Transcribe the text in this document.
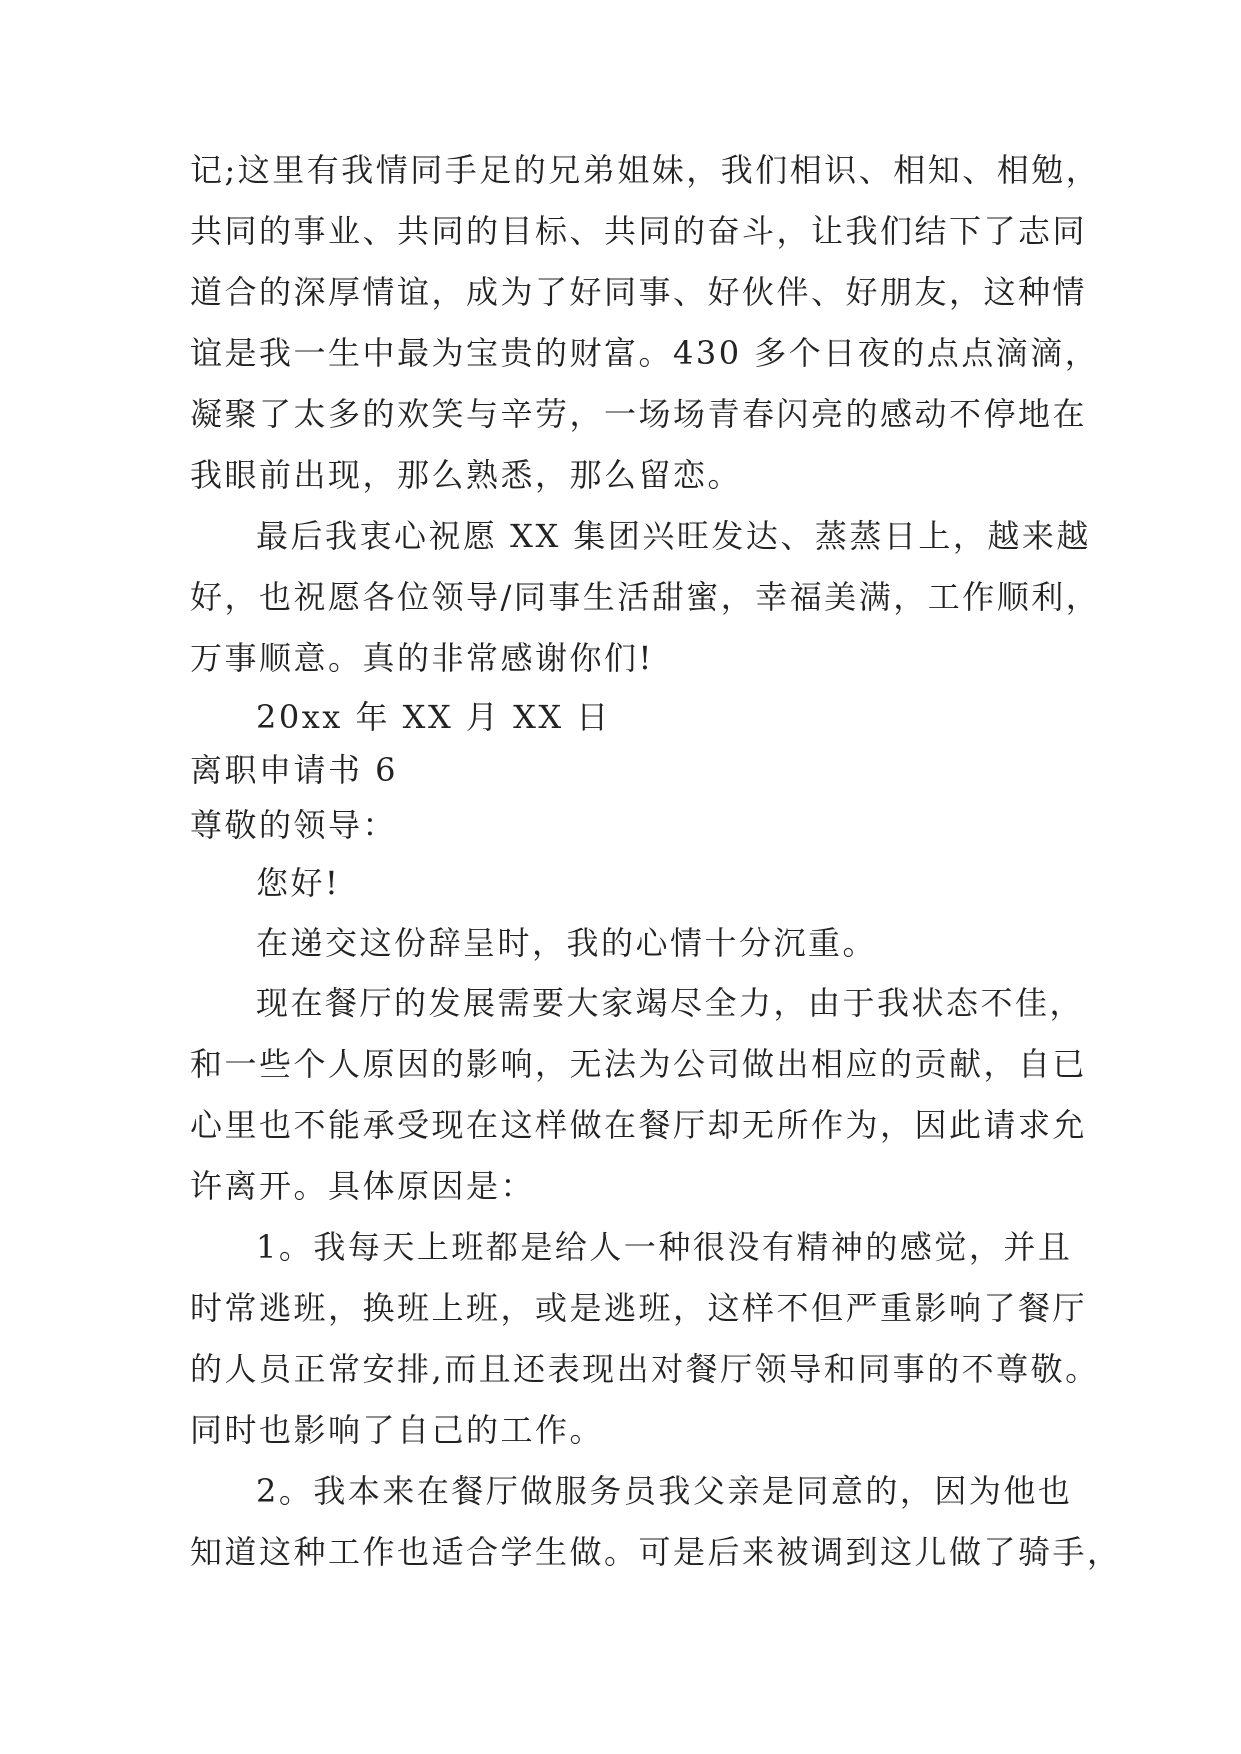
记;这里有我情同手足的兄弟姐妹，我们相识、相知、相勉，
共同的事业、共同的目标、共同的奋斗，让我们结下了志同
道合的深厚情谊，成为了好同事、好伙伴、好朋友，这种情
谊是我一生中最为宝贵的财富。430 多个日夜的点点滴滴，
凝聚了太多的欢笑与辛劳，一场场青春闪亮的感动不停地在
我眼前出现，那么熟悉，那么留恋。
最后我衷心祝愿 XX 集团兴旺发达、蒸蒸日上，越来越
好，也祝愿各位领导/同事生活甜蜜，幸福美满，工作顺利，
万事顺意。真的非常感谢你们!
20xx 年 XX 月 XX 日
离职申请书 6
尊敬的领导：
您好!
在递交这份辞呈时，我的心情十分沉重。
现在餐厅的发展需要大家竭尽全力，由于我状态不佳，
和一些个人原因的影响，无法为公司做出相应的贡献，自已
心里也不能承受现在这样做在餐厅却无所作为，因此请求允
许离开。具体原因是：
1。我每天上班都是给人一种很没有精神的感觉，并且
时常逃班，换班上班，或是逃班，这样不但严重影响了餐厅
的人员正常安排,而且还表现出对餐厅领导和同事的不尊敬。
同时也影响了自己的工作。
2。我本来在餐厅做服务员我父亲是同意的，因为他也
知道这种工作也适合学生做。可是后来被调到这儿做了骑手，
